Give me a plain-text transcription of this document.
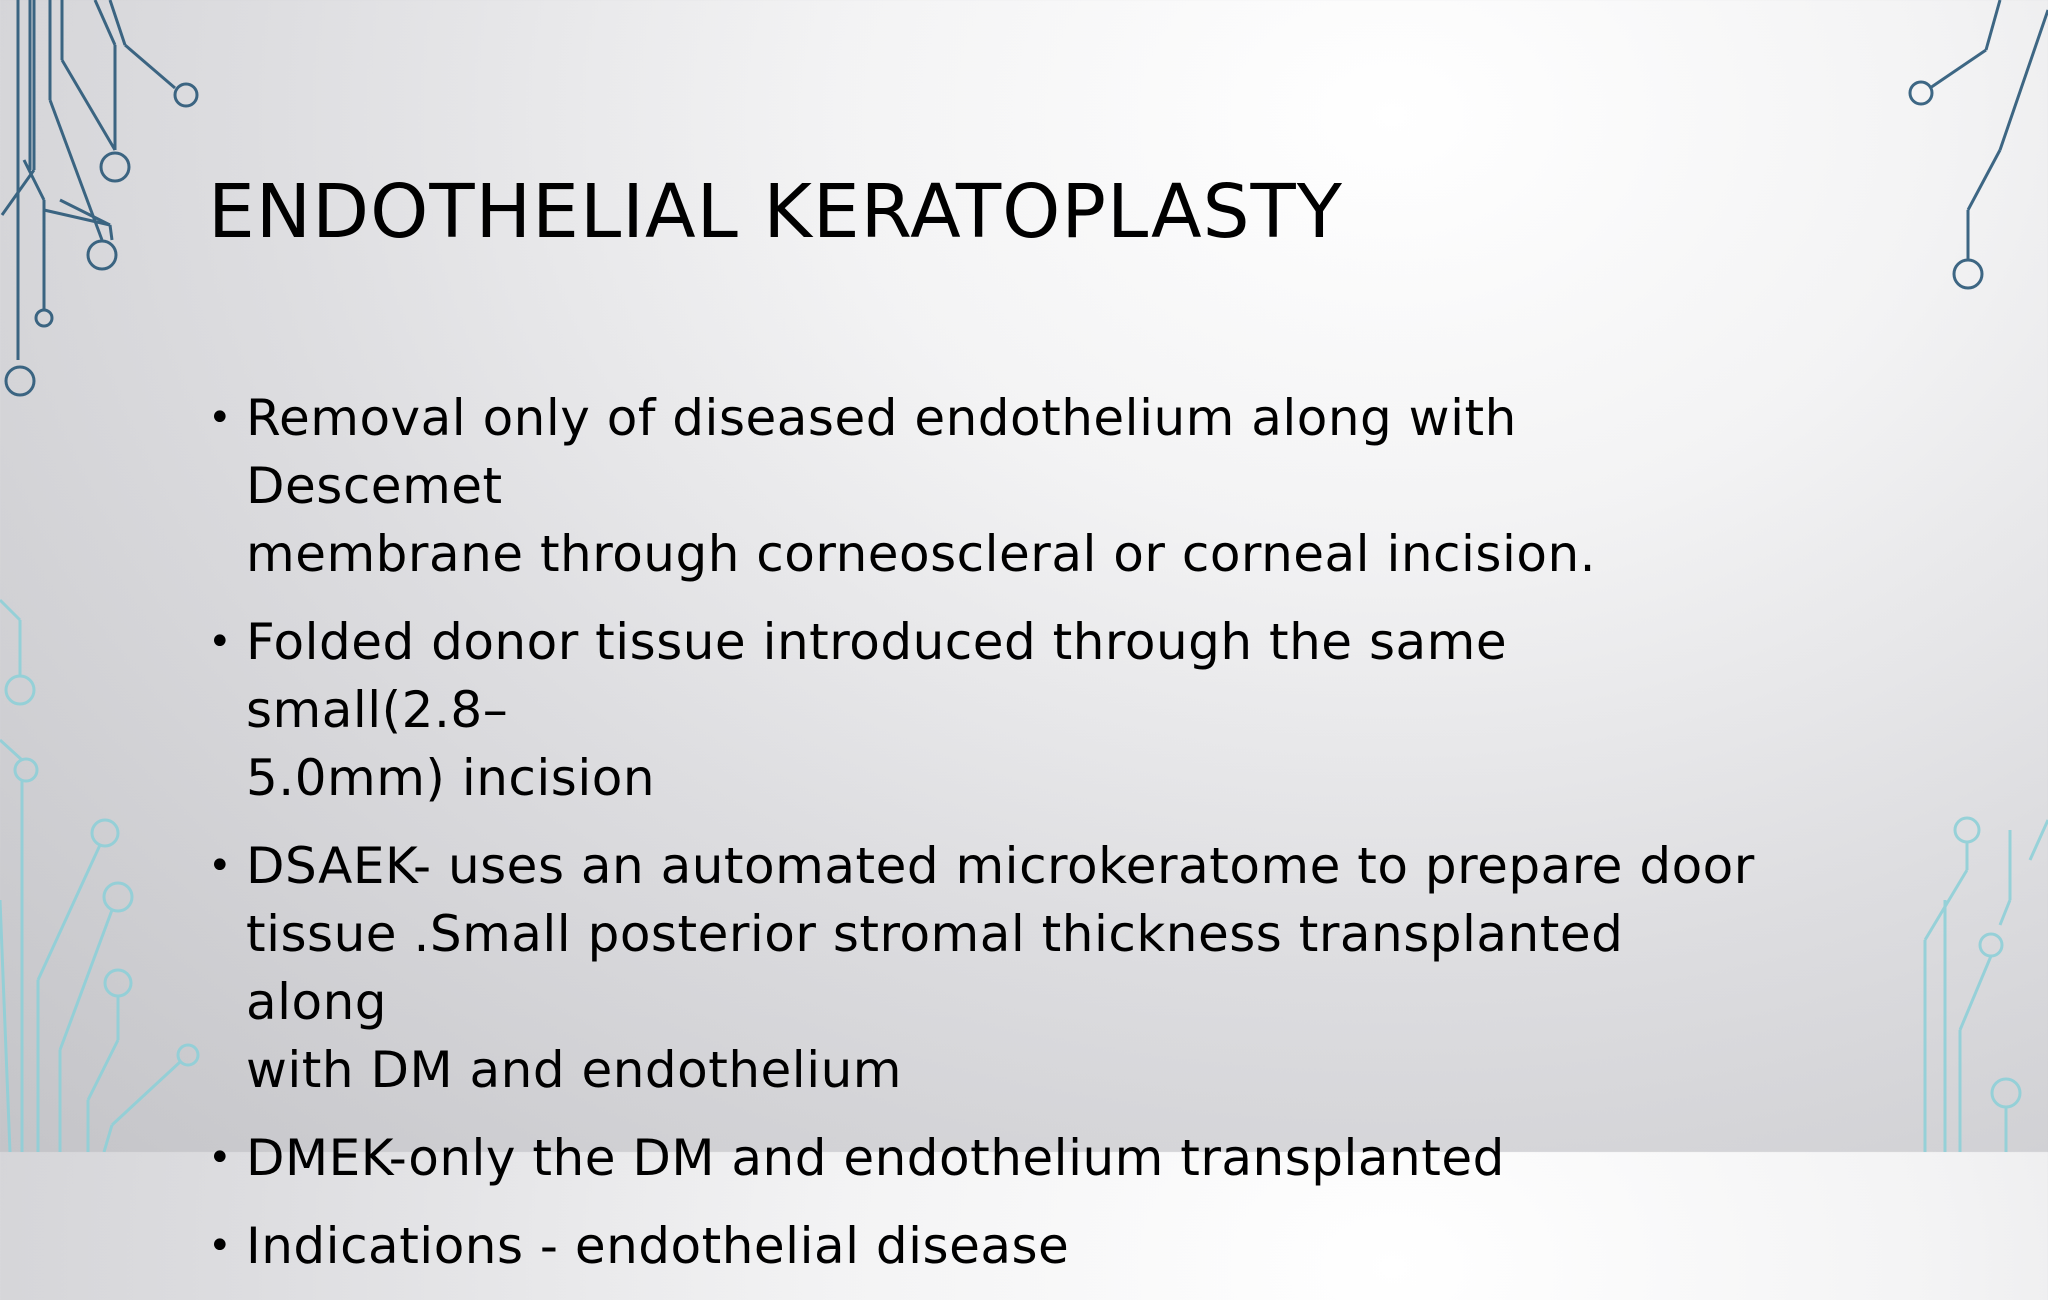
ENDOTHELIAL KERATOPLASTY
• Removal only of diseased endothelium along with Descemet
membrane through corneoscleral or corneal incision.
• Folded donor tissue introduced through the same small(2.8–
5.0mm) incision
• DSAEK- uses an automated microkeratome to prepare door
tissue .Small posterior stromal thickness transplanted along
with DM and endothelium
• DMEK-only the DM and endothelium transplanted
• Indications - endothelial disease
